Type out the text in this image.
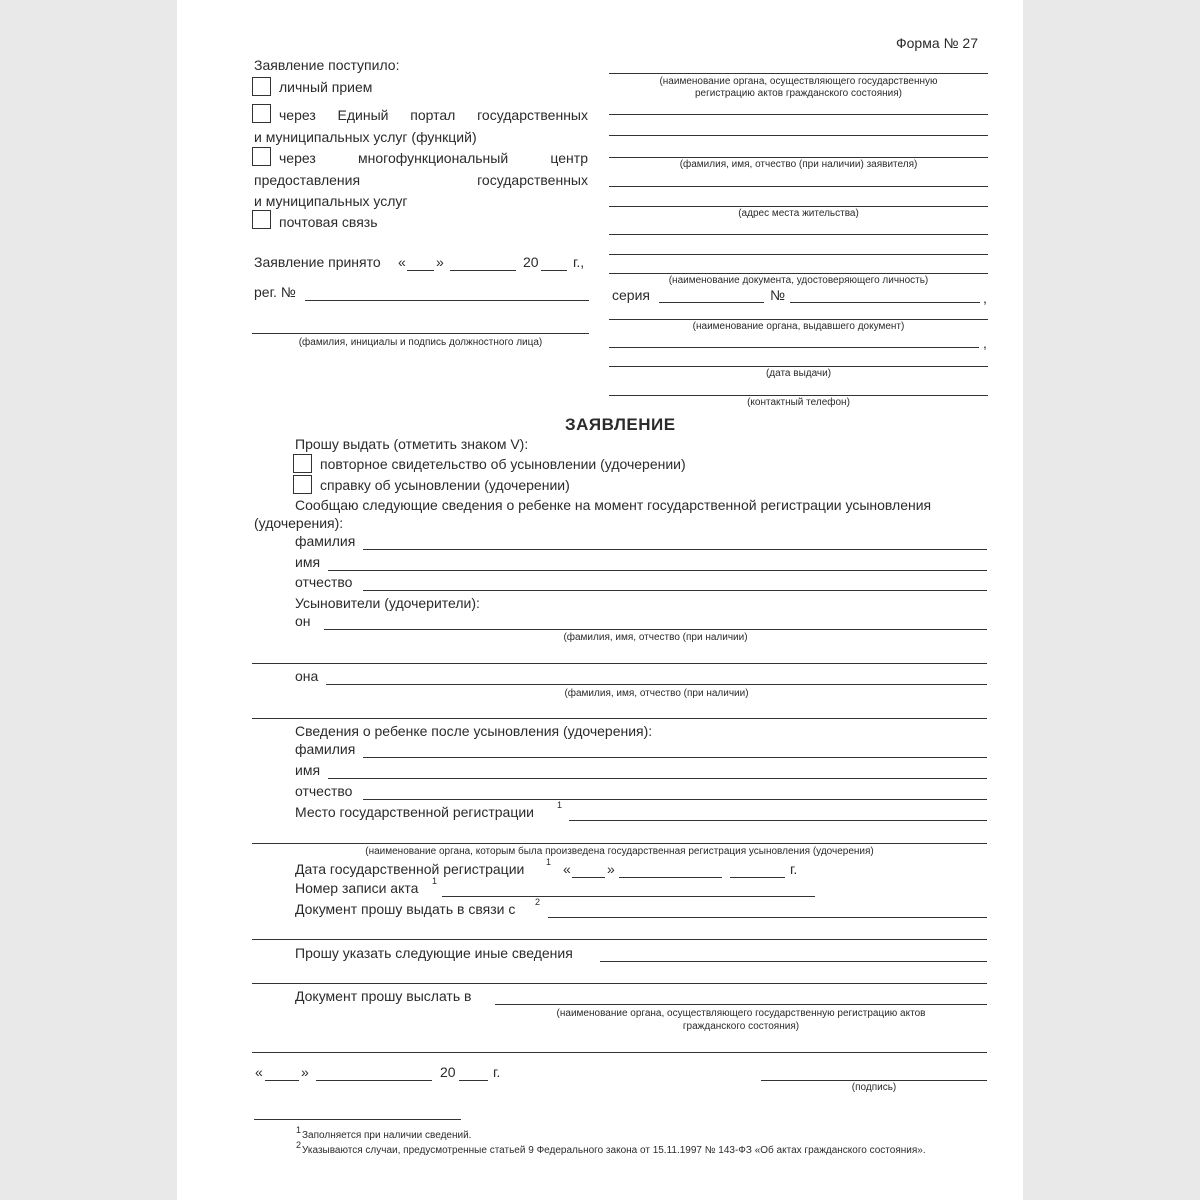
Форма № 27
Заявление поступило:
личный прием
через Единый портал государственных
и муниципальных услуг (функций)
через многофункциональный центр
предоставления государственных
и муниципальных услуг
почтовая связь
Заявление принято « »	20 г.,
рег. №
(фамилия, инициалы и подпись должностного лица)
(наименование органа, осуществляющего государственную
регистрацию актов гражданского состояния)
(фамилия, имя, отчество (при наличии) заявителя)
(адрес места жительства)
(наименование документа, удостоверяющего личность)
серия	№	,
(наименование органа, выдавшего документ)
,
(дата выдачи)
(контактный телефон)
ЗАЯВЛЕНИЕ
Прошу выдать (отметить знаком V):
повторное свидетельство об усыновлении (удочерении)
справку об усыновлении (удочерении)
Сообщаю следующие сведения о ребенке на момент государственной регистрации усыновления
(удочерения):
фамилия
имя
отчество
Усыновители (удочерители):
он
(фамилия, имя, отчество (при наличии)
она
(фамилия, имя, отчество (при наличии)
Сведения о ребенке после усыновления (удочерения):
фамилия
имя
отчество
Место государственной регистрации	1
(наименование органа, которым была произведена государственная регистрация усыновления (удочерения)
Дата государственной регистрации 1 «	»	г.
Номер записи акта 1
Документ прошу выдать в связи с 2
Прошу указать следующие иные сведения
Документ прошу выслать в
(наименование органа, осуществляющего государственную регистрацию актов
гражданского состояния)
«	»	20	г.
(подпись)
1 Заполняется при наличии сведений.
2 Указываются случаи, предусмотренные статьей 9 Федерального закона от 15.11.1997 № 143-ФЗ «Об актах гражданского состояния».
